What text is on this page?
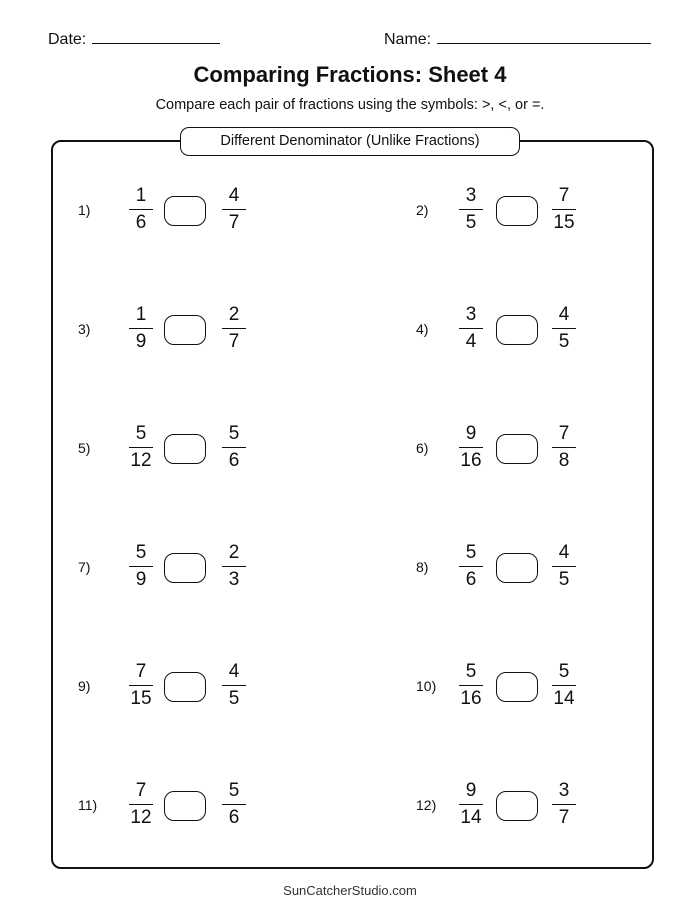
Date:	Name:
Comparing Fractions: Sheet 4
Compare each pair of fractions using the symbols: >, <, or =.
Different Denominator (Unlike Fractions)
1)
1
6
4
7
2)
3
5
7
15
3)
1
9
2
7
4)
3
4
4
5
5)
5
12
5
6
6)
9
16
7
8
7)
5
9
2
3
8)
5
6
4
5
9)
7
15
4
5
10)
5
16
5
14
11)
7
12
5
6
12)
9
14
3
7
SunCatcherStudio.com
